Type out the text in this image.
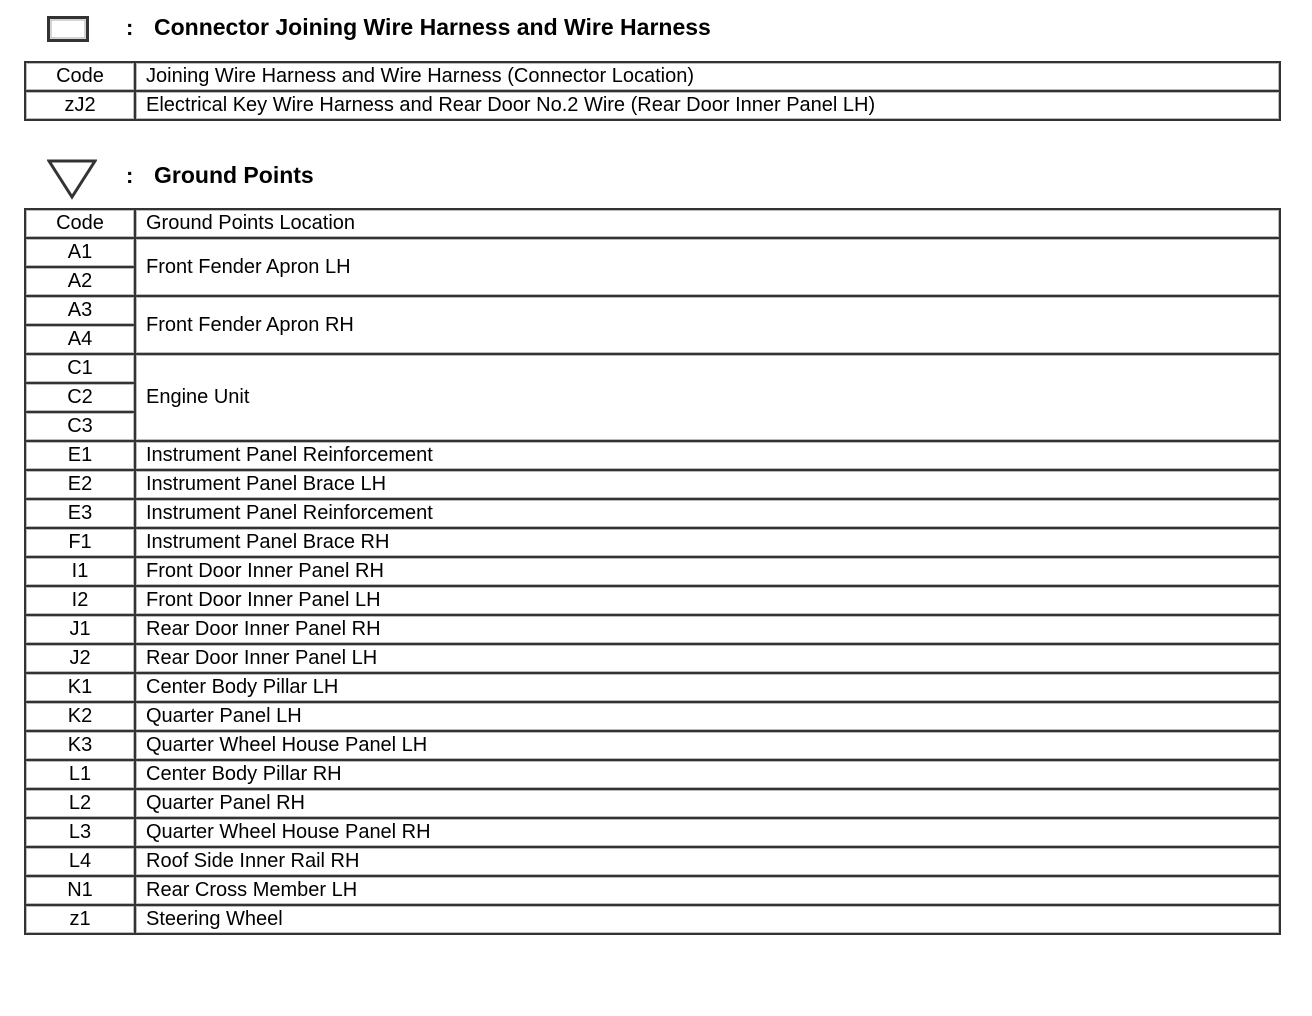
: Connector Joining Wire Harness and Wire Harness
Code	Joining Wire Harness and Wire Harness (Connector Location)
zJ2	Electrical Key Wire Harness and Rear Door No.2 Wire (Rear Door Inner Panel LH)
: Ground Points
Code	Ground Points Location
A1	Front Fender Apron LH
A2	
A3	Front Fender Apron RH
A4	
C1	Engine Unit
C2	
C3	
E1	Instrument Panel Reinforcement
E2	Instrument Panel Brace LH
E3	Instrument Panel Reinforcement
F1	Instrument Panel Brace RH
I1	Front Door Inner Panel RH
I2	Front Door Inner Panel LH
J1	Rear Door Inner Panel RH
J2	Rear Door Inner Panel LH
K1	Center Body Pillar LH
K2	Quarter Panel LH
K3	Quarter Wheel House Panel LH
L1	Center Body Pillar RH
L2	Quarter Panel RH
L3	Quarter Wheel House Panel RH
L4	Roof Side Inner Rail RH
N1	Rear Cross Member LH
z1	Steering Wheel
